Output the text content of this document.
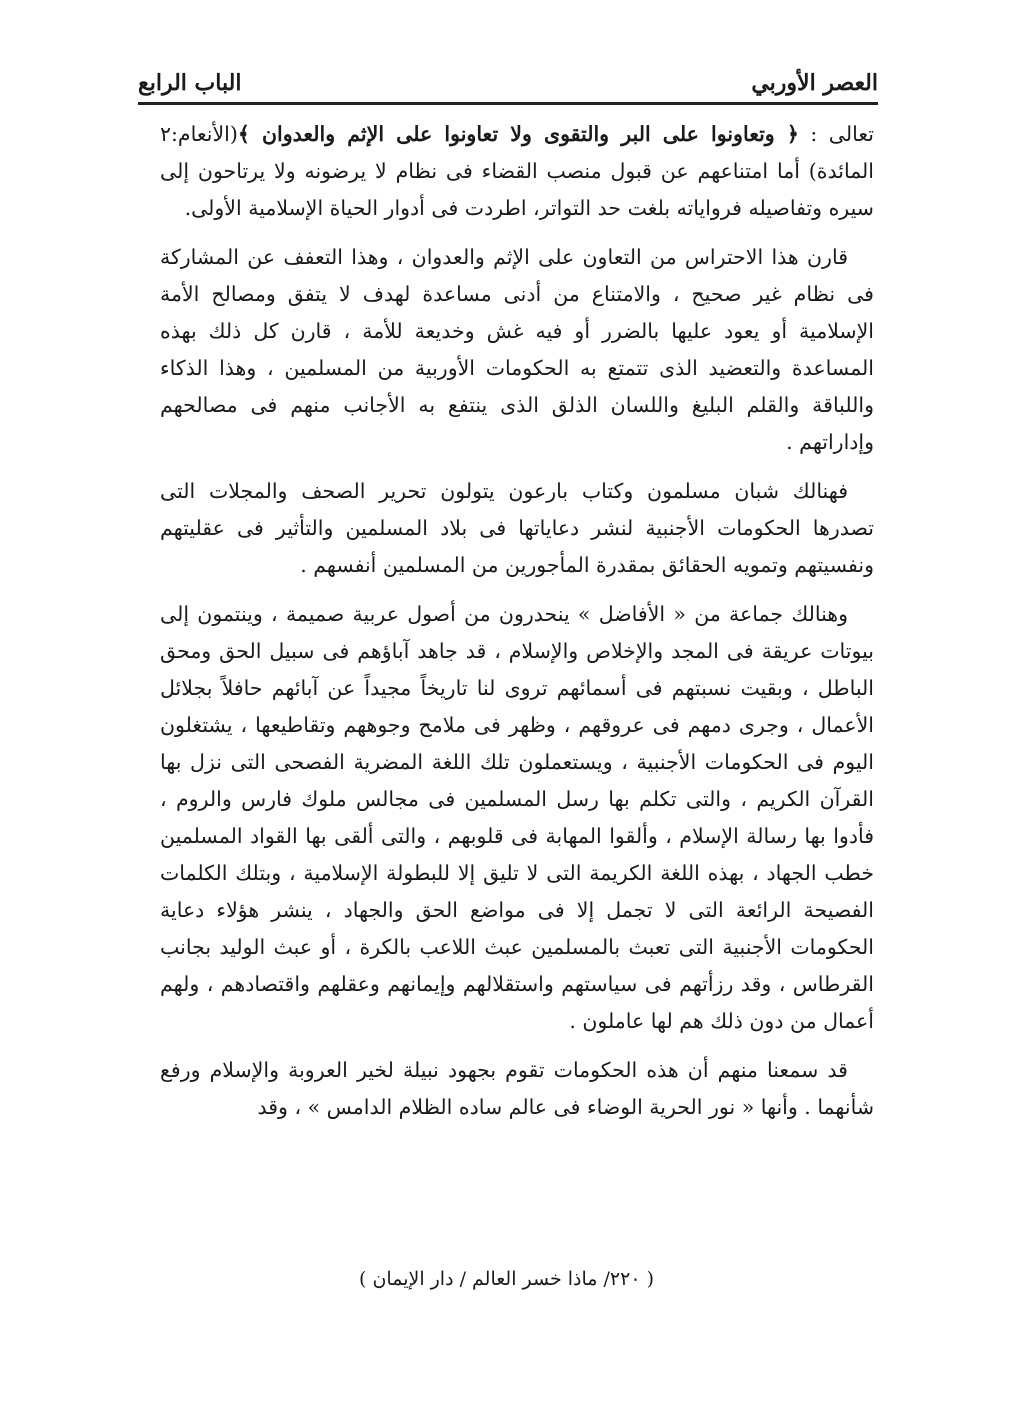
العصر الأوربي
الباب الرابع

تعالى : ﴿ وتعاونوا على البر والتقوى ولا تعاونوا على الإثم والعدوان ﴾(الأنعام:٢ المائدة) أما امتناعهم عن قبول منصب القضاء فى نظام لا يرضونه ولا يرتاحون إلى سيره وتفاصيله فرواياته بلغت حد التواتر، اطردت فى أدوار الحياة الإسلامية الأولى.

قارن هذا الاحتراس من التعاون على الإثم والعدوان ، وهذا التعفف عن المشاركة فى نظام غير صحيح ، والامتناع من أدنى مساعدة لهدف لا يتفق ومصالح الأمة الإسلامية أو يعود عليها بالضرر أو فيه غش وخديعة للأمة ، قارن كل ذلك بهذه المساعدة والتعضيد الذى تتمتع به الحكومات الأوربية من المسلمين ، وهذا الذكاء واللباقة والقلم البليغ واللسان الذلق الذى ينتفع به الأجانب منهم فى مصالحهم وإداراتهم .

فهنالك شبان مسلمون وكتاب بارعون يتولون تحرير الصحف والمجلات التى تصدرها الحكومات الأجنبية لنشر دعاياتها فى بلاد المسلمين والتأثير فى عقليتهم ونفسيتهم وتمويه الحقائق بمقدرة المأجورين من المسلمين أنفسهم .

وهنالك جماعة من « الأفاضل » ينحدرون من أصول عربية صميمة ، وينتمون إلى بيوتات عريقة فى المجد والإخلاص والإسلام ، قد جاهد آباؤهم فى سبيل الحق ومحق الباطل ، وبقيت نسبتهم فى أسمائهم تروى لنا تاريخاً مجيداً عن آبائهم حافلاً بجلائل الأعمال ، وجرى دمهم فى عروقهم ، وظهر فى ملامح وجوههم وتقاطيعها ، يشتغلون اليوم فى الحكومات الأجنبية ، ويستعملون تلك اللغة المضرية الفصحى التى نزل بها القرآن الكريم ، والتى تكلم بها رسل المسلمين فى مجالس ملوك فارس والروم ، فأدوا بها رسالة الإسلام ، وألقوا المهابة فى قلوبهم ، والتى ألقى بها القواد المسلمين خطب الجهاد ، بهذه اللغة الكريمة التى لا تليق إلا للبطولة الإسلامية ، وبتلك الكلمات الفصيحة الرائعة التى لا تجمل إلا فى مواضع الحق والجهاد ، ينشر هؤلاء دعاية الحكومات الأجنبية التى تعبث بالمسلمين عبث اللاعب بالكرة ، أو عبث الوليد بجانب القرطاس ، وقد رزأتهم فى سياستهم واستقلالهم وإيمانهم وعقلهم واقتصادهم ، ولهم أعمال من دون ذلك هم لها عاملون .

قد سمعنا منهم أن هذه الحكومات تقوم بجهود نبيلة لخير العروبة والإسلام ورفع شأنهما . وأنها « نور الحرية الوضاء فى عالم ساده الظلام الدامس » ، وقد

( ٢٢٠/ ماذا خسر العالم / دار الإيمان )
